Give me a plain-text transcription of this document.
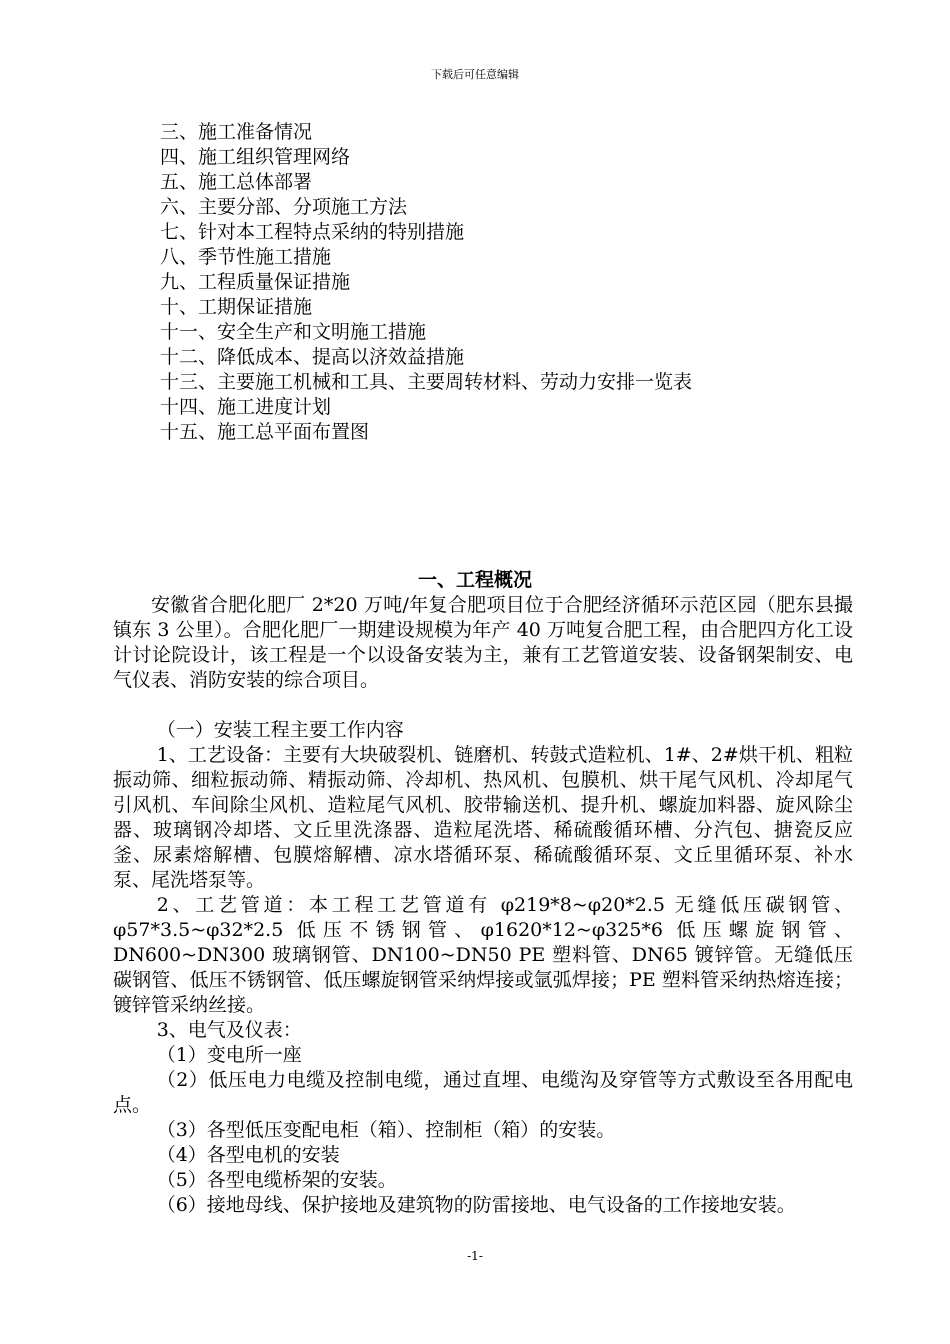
下载后可任意编辑
三、施工准备情况
四、施工组织管理网络
五、施工总体部署
六、主要分部、分项施工方法
七、针对本工程特点采纳的特别措施
八、季节性施工措施
九、工程质量保证措施
十、工期保证措施
十一、安全生产和文明施工措施
十二、降低成本、提高以济效益措施
十三、主要施工机械和工具、主要周转材料、劳动力安排一览表
十四、施工进度计划
十五、施工总平面布置图
一、工程概况

安徽省合肥化肥厂 2*20 万吨/年复合肥项目位于合肥经济循环示范区园（肥东县撮镇东 3 公里）。合肥化肥厂一期建设规模为年产 40 万吨复合肥工程，由合肥四方化工设计讨论院设计，该工程是一个以设备安装为主，兼有工艺管道安装、设备钢架制安、电气仪表、消防安装的综合项目。

（一）安装工程主要工作内容

1、工艺设备：主要有大块破裂机、链磨机、转鼓式造粒机、1#、2#烘干机、粗粒振动筛、细粒振动筛、精振动筛、冷却机、热风机、包膜机、烘干尾气风机、冷却尾气引风机、车间除尘风机、造粒尾气风机、胶带输送机、提升机、螺旋加料器、旋风除尘器、玻璃钢冷却塔、文丘里洗涤器、造粒尾洗塔、稀硫酸循环槽、分汽包、搪瓷反应釜、尿素熔解槽、包膜熔解槽、凉水塔循环泵、稀硫酸循环泵、文丘里循环泵、补水泵、尾洗塔泵等。

2、工艺管道：本工程工艺管道有 φ219*8~φ20*2.5 无缝低压碳钢管、φ57*3.5~φ32*2.5 低压不锈钢管、φ1620*12~φ325*6 低压螺旋钢管、DN600~DN300 玻璃钢管、DN100~DN50 PE 塑料管、DN65 镀锌管。无缝低压碳钢管、低压不锈钢管、低压螺旋钢管采纳焊接或氩弧焊接；PE 塑料管采纳热熔连接；镀锌管采纳丝接。

3、电气及仪表：

（1）变电所一座

（2）低压电力电缆及控制电缆，通过直埋、电缆沟及穿管等方式敷设至各用配电点。

（3）各型低压变配电柜（箱）、控制柜（箱）的安装。

（4）各型电机的安装

（5）各型电缆桥架的安装。

（6）接地母线、保护接地及建筑物的防雷接地、电气设备的工作接地安装。

-1-
